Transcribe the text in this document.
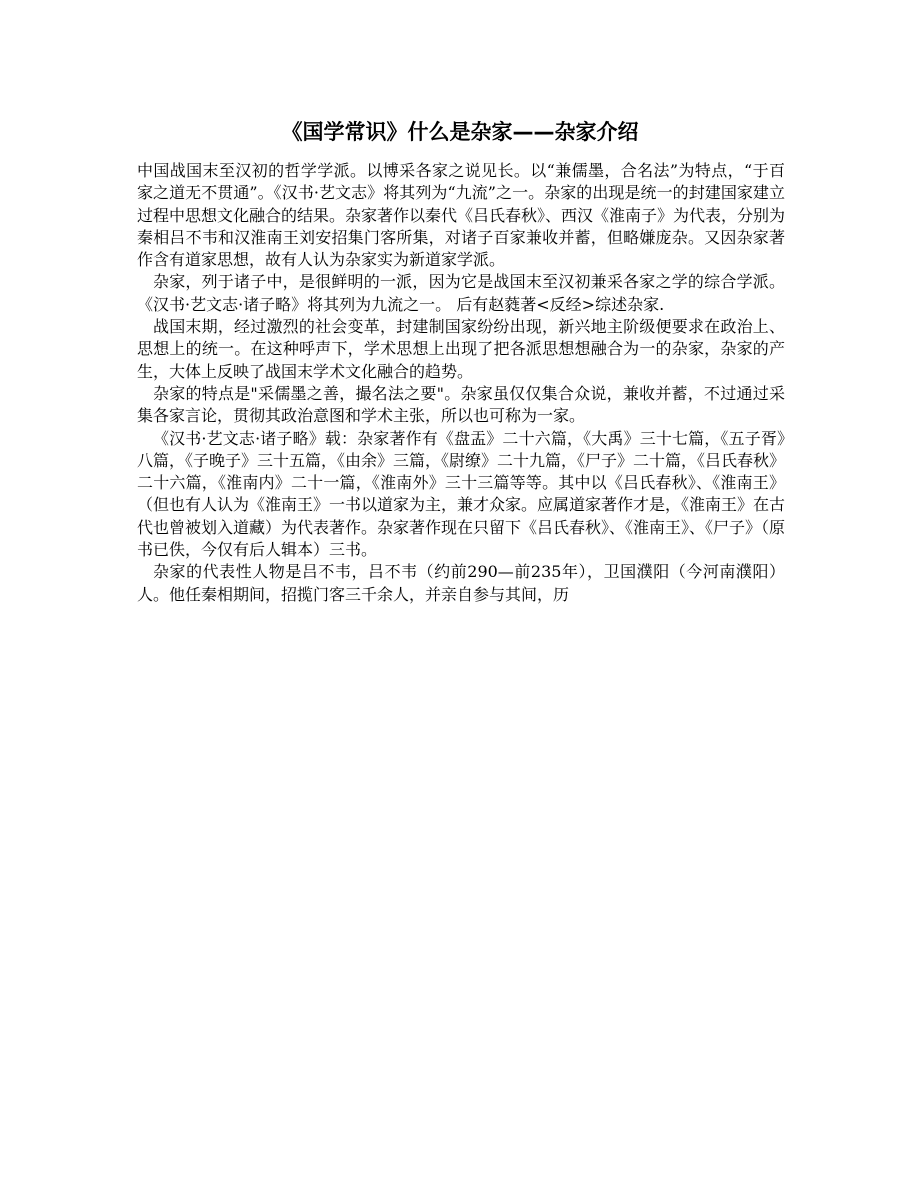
《国学常识》什么是杂家——杂家介绍

中国战国末至汉初的哲学学派。以博采各家之说见长。以“兼儒墨，合名法”为特点，“于百家之道无不贯通”。《汉书·艺文志》将其列为“九流”之一。杂家的出现是统一的封建国家建立过程中思想文化融合的结果。杂家著作以秦代《吕氏春秋》、西汉《淮南子》为代表，分别为秦相吕不韦和汉淮南王刘安招集门客所集，对诸子百家兼收并蓄，但略嫌庞杂。又因杂家著作含有道家思想，故有人认为杂家实为新道家学派。

杂家，列于诸子中，是很鲜明的一派，因为它是战国末至汉初兼采各家之学的综合学派。《汉书·艺文志·诸子略》将其列为九流之一。 后有赵蕤著<反经>综述杂家.

战国末期，经过激烈的社会变革，封建制国家纷纷出现，新兴地主阶级便要求在政治上、思想上的统一。在这种呼声下，学术思想上出现了把各派思想想融合为一的杂家，杂家的产生，大体上反映了战国末学术文化融合的趋势。

杂家的特点是"采儒墨之善，撮名法之要"。杂家虽仅仅集合众说，兼收并蓄，不过通过采集各家言论，贯彻其政治意图和学术主张，所以也可称为一家。

《汉书·艺文志·诸子略》载：杂家著作有《盘盂》二十六篇，《大禹》三十七篇，《五子胥》八篇，《子晚子》三十五篇，《由余》三篇，《尉缭》二十九篇，《尸子》二十篇，《吕氏春秋》二十六篇，《淮南内》二十一篇，《淮南外》三十三篇等等。其中以《吕氏春秋》、《淮南王》（但也有人认为《淮南王》一书以道家为主，兼才众家。应属道家著作才是，《淮南王》在古代也曾被划入道藏）为代表著作。杂家著作现在只留下《吕氏春秋》、《淮南王》、《尸子》（原书已佚，今仅有后人辑本）三书。

杂家的代表性人物是吕不韦，吕不韦（约前290—前235年），卫国濮阳（今河南濮阳）人。他任秦相期间，招揽门客三千余人，并亲自参与其间，历
